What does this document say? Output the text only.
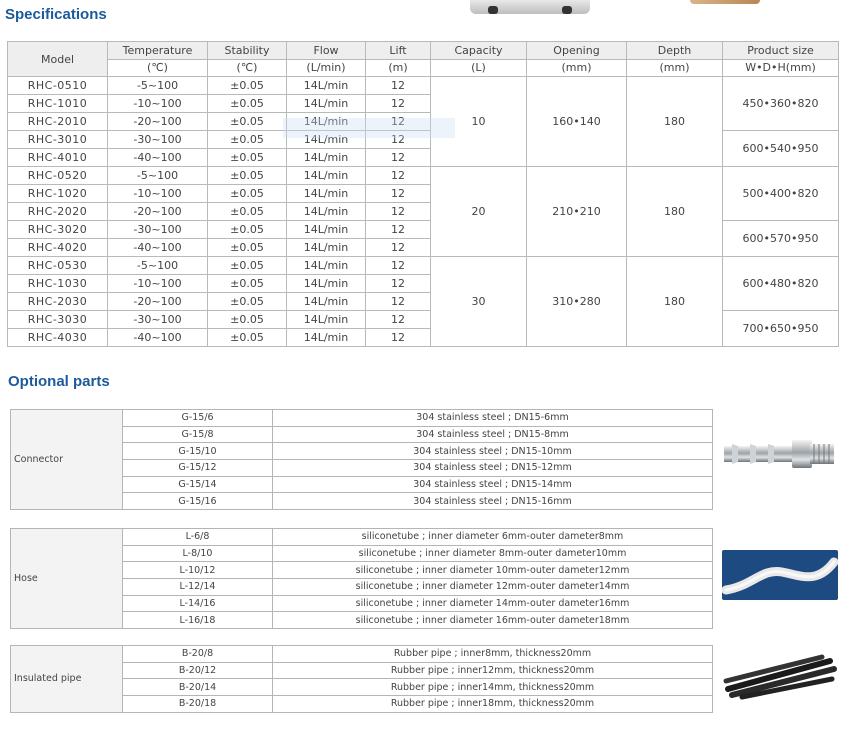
Specifications
Model	Temperature	Stability	Flow	Lift	Capacity	Opening	Depth	Product size
	(℃)	(℃)	(L/min)	(m)	(L)	(mm)	(mm)	W•D•H(mm)
RHC-0510	-5~100	±0.05	14L/min	12	10	160•140	180	450•360•820
RHC-1010	-10~100	±0.05	14L/min	12				
RHC-2010	-20~100	±0.05	14L/min	12				
RHC-3010	-30~100	±0.05	14L/min	12				600•540•950
RHC-4010	-40~100	±0.05	14L/min	12				
RHC-0520	-5~100	±0.05	14L/min	12	20	210•210	180	500•400•820
RHC-1020	-10~100	±0.05	14L/min	12				
RHC-2020	-20~100	±0.05	14L/min	12				
RHC-3020	-30~100	±0.05	14L/min	12				600•570•950
RHC-4020	-40~100	±0.05	14L/min	12				
RHC-0530	-5~100	±0.05	14L/min	12	30	310•280	180	600•480•820
RHC-1030	-10~100	±0.05	14L/min	12				
RHC-2030	-20~100	±0.05	14L/min	12				
RHC-3030	-30~100	±0.05	14L/min	12				700•650•950
RHC-4030	-40~100	±0.05	14L/min	12				
Optional parts
Connector	G-15/6	304 stainless steel ; DN15-6mm
	G-15/8	304 stainless steel ; DN15-8mm
	G-15/10	304 stainless steel ; DN15-10mm
	G-15/12	304 stainless steel ; DN15-12mm
	G-15/14	304 stainless steel ; DN15-14mm
	G-15/16	304 stainless steel ; DN15-16mm
Hose	L-6/8	siliconetube ; inner diameter 6mm-outer dameter8mm
	L-8/10	siliconetube ; inner diameter 8mm-outer dameter10mm
	L-10/12	siliconetube ; inner diameter 10mm-outer dameter12mm
	L-12/14	siliconetube ; inner diameter 12mm-outer dameter14mm
	L-14/16	siliconetube ; inner diameter 14mm-outer dameter16mm
	L-16/18	siliconetube ; inner diameter 16mm-outer dameter18mm
Insulated pipe	B-20/8	Rubber pipe ; inner8mm, thickness20mm
	B-20/12	Rubber pipe ; inner12mm, thickness20mm
	B-20/14	Rubber pipe ; inner14mm, thickness20mm
	B-20/18	Rubber pipe ; inner18mm, thickness20mm
